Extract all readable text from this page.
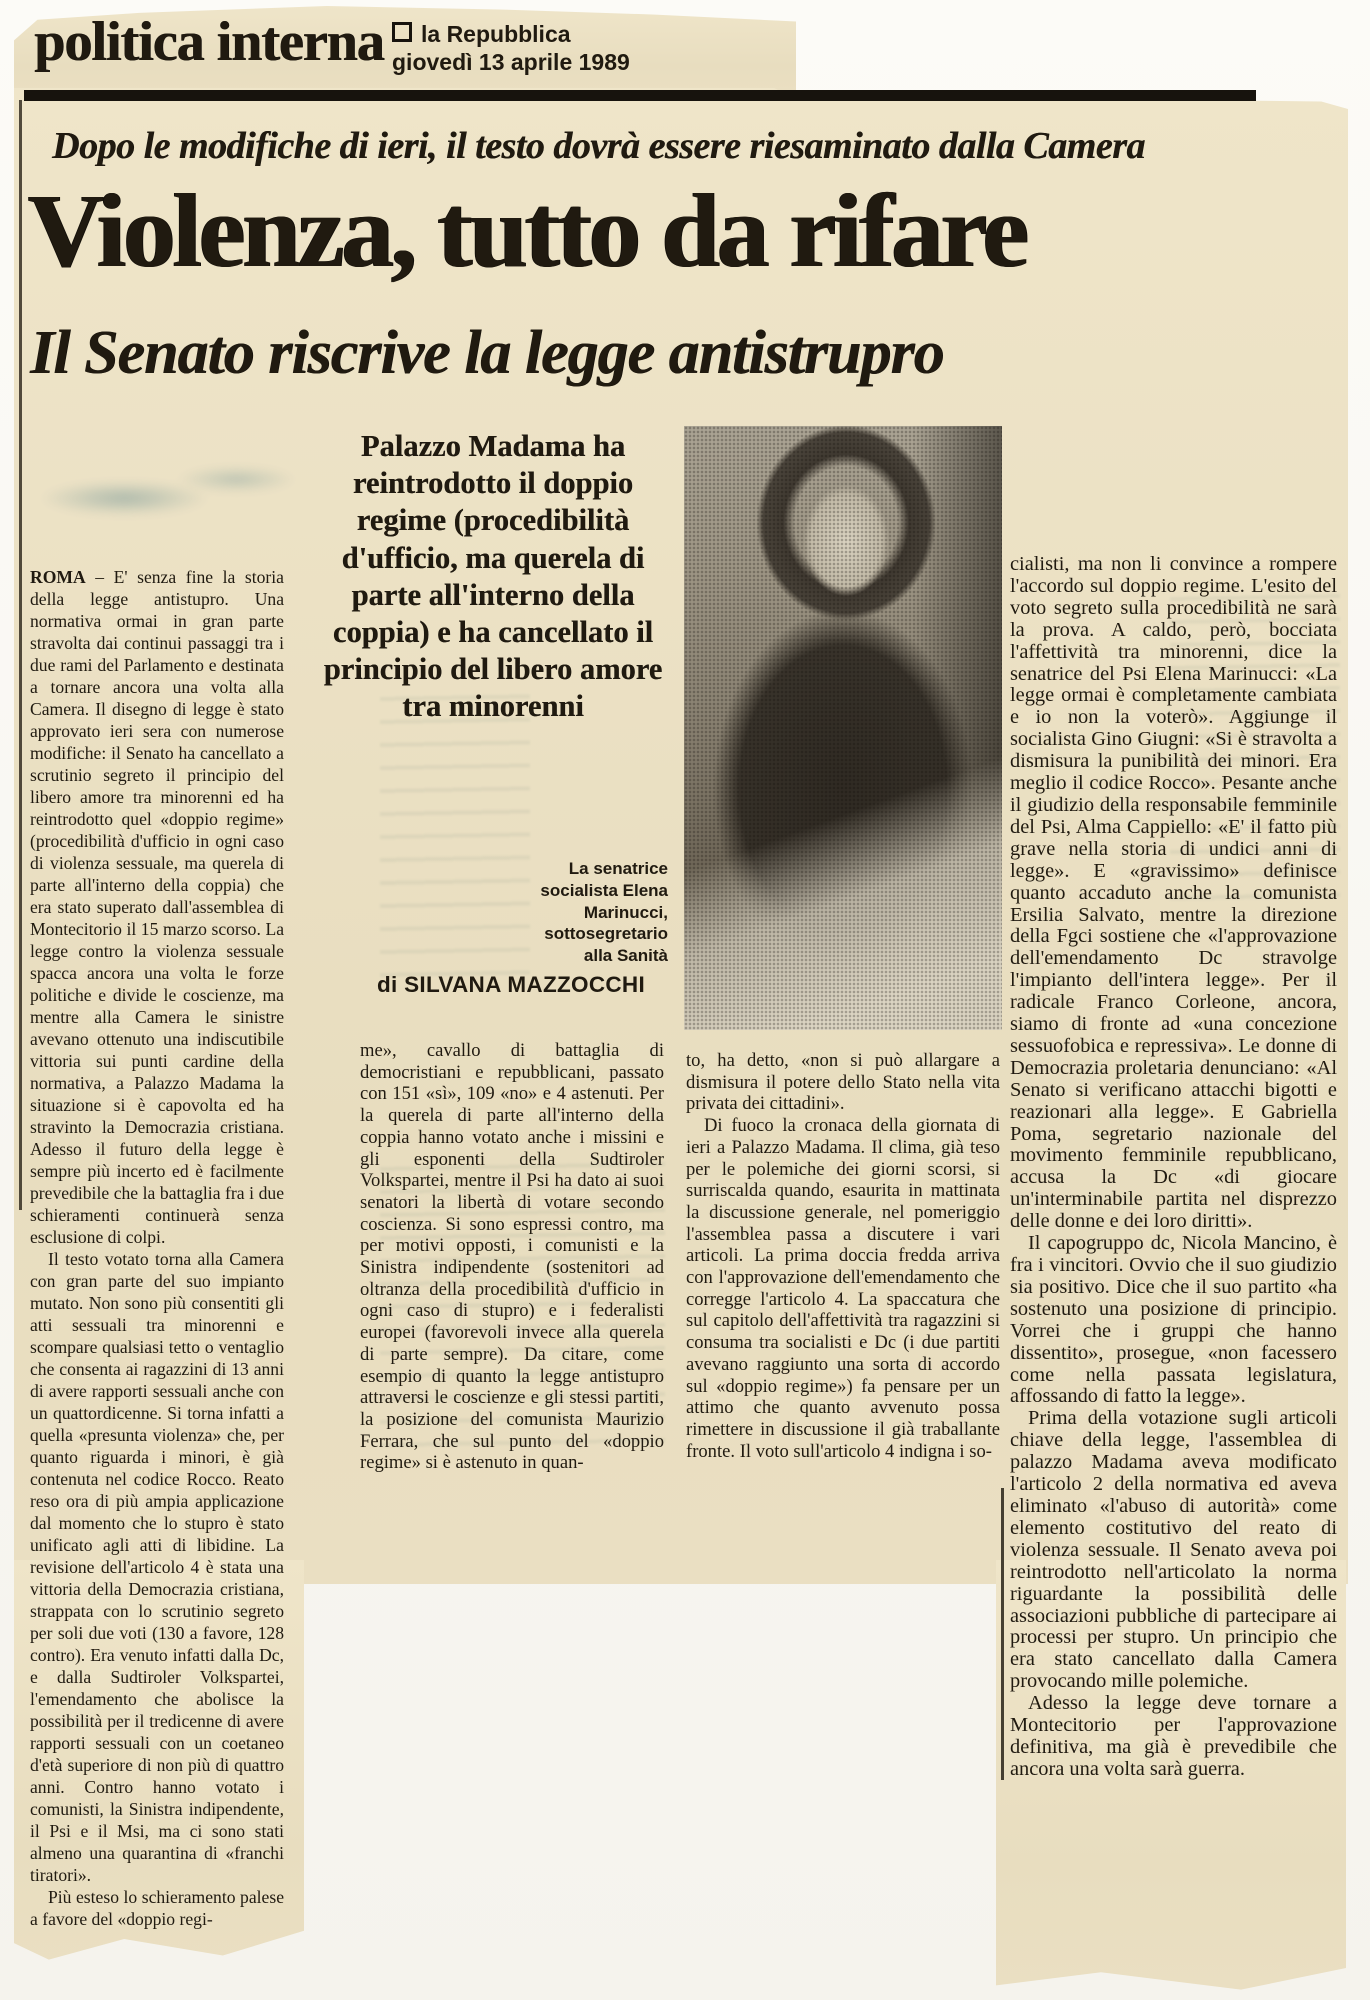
politica interna	la Repubblica
giovedì 13 aprile 1989
Dopo le modifiche di ieri, il testo dovrà essere riesaminato dalla Camera
Violenza, tutto da rifare
Il Senato riscrive la legge antistrupro
Palazzo Madama ha reintrodotto il doppio regime (procedibilità d'ufficio, ma querela di parte all'interno della coppia) e ha cancellato il principio del libero amore tra minorenni
La senatrice socialista Elena Marinucci, sottosegretario alla Sanità
di SILVANA MAZZOCCHI

ROMA – E' senza fine la storia della legge antistupro. Una normativa ormai in gran parte stravolta dai continui passaggi tra i due rami del Parlamento e destinata a tornare ancora una volta alla Camera. Il disegno di legge è stato approvato ieri sera con numerose modifiche: il Senato ha cancellato a scrutinio segreto il principio del libero amore tra minorenni ed ha reintrodotto quel «doppio regime» (procedibilità d'ufficio in ogni caso di violenza sessuale, ma querela di parte all'interno della coppia) che era stato superato dall'assemblea di Montecitorio il 15 marzo scorso. La legge contro la violenza sessuale spacca ancora una volta le forze politiche e divide le coscienze, ma mentre alla Camera le sinistre avevano ottenuto una indiscutibile vittoria sui punti cardine della normativa, a Palazzo Madama la situazione si è capovolta ed ha stravinto la Democrazia cristiana. Adesso il futuro della legge è sempre più incerto ed è facilmente prevedibile che la battaglia fra i due schieramenti continuerà senza esclusione di colpi.

Il testo votato torna alla Camera con gran parte del suo impianto mutato. Non sono più consentiti gli atti sessuali tra minorenni e scompare qualsiasi tetto o ventaglio che consenta ai ragazzini di 13 anni di avere rapporti sessuali anche con un quattordicenne. Si torna infatti a quella «presunta violenza» che, per quanto riguarda i minori, è già contenuta nel codice Rocco. Reato reso ora di più ampia applicazione dal momento che lo stupro è stato unificato agli atti di libidine. La revisione dell'articolo 4 è stata una vittoria della Democrazia cristiana, strappata con lo scrutinio segreto per soli due voti (130 a favore, 128 contro). Era venuto infatti dalla Dc, e dalla Sudtiroler Volkspartei, l'emendamento che abolisce la possibilità per il tredicenne di avere rapporti sessuali con un coetaneo d'età superiore di non più di quattro anni. Contro hanno votato i comunisti, la Sinistra indipendente, il Psi e il Msi, ma ci sono stati almeno una quarantina di «franchi tiratori».

Più esteso lo schieramento palese a favore del «doppio regi-

me», cavallo di battaglia di democristiani e repubblicani, passato con 151 «sì», 109 «no» e 4 astenuti. Per la querela di parte all'interno della coppia hanno votato anche i missini e gli esponenti della Sudtiroler Volkspartei, mentre il Psi ha dato ai suoi senatori la libertà di votare secondo coscienza. Si sono espressi contro, ma per motivi opposti, i comunisti e la Sinistra indipendente (sostenitori ad oltranza della procedibilità d'ufficio in ogni caso di stupro) e i federalisti europei (favorevoli invece alla querela di parte sempre). Da citare, come esempio di quanto la legge antistupro attraversi le coscienze e gli stessi partiti, la posizione del comunista Maurizio Ferrara, che sul punto del «doppio regime» si è astenuto in quan-

to, ha detto, «non si può allargare a dismisura il potere dello Stato nella vita privata dei cittadini».

Di fuoco la cronaca della giornata di ieri a Palazzo Madama. Il clima, già teso per le polemiche dei giorni scorsi, si surriscalda quando, esaurita in mattinata la discussione generale, nel pomeriggio l'assemblea passa a discutere i vari articoli. La prima doccia fredda arriva con l'approvazione dell'emendamento che corregge l'articolo 4. La spaccatura che sul capitolo dell'affettività tra ragazzini si consuma tra socialisti e Dc (i due partiti avevano raggiunto una sorta di accordo sul «doppio regime») fa pensare per un attimo che quanto avvenuto possa rimettere in discussione il già traballante fronte. Il voto sull'articolo 4 indigna i so-

cialisti, ma non li convince a rompere l'accordo sul doppio regime. L'esito del voto segreto sulla procedibilità ne sarà la prova. A caldo, però, bocciata l'affettività tra minorenni, dice la senatrice del Psi Elena Marinucci: «La legge ormai è completamente cambiata e io non la voterò». Aggiunge il socialista Gino Giugni: «Si è stravolta a dismisura la punibilità dei minori. Era meglio il codice Rocco». Pesante anche il giudizio della responsabile femminile del Psi, Alma Cappiello: «E' il fatto più grave nella storia di undici anni di legge». E «gravissimo» definisce quanto accaduto anche la comunista Ersilia Salvato, mentre la direzione della Fgci sostiene che «l'approvazione dell'emendamento Dc stravolge l'impianto dell'intera legge». Per il radicale Franco Corleone, ancora, siamo di fronte ad «una concezione sessuofobica e repressiva». Le donne di Democrazia proletaria denunciano: «Al Senato si verificano attacchi bigotti e reazionari alla legge». E Gabriella Poma, segretario nazionale del movimento femminile repubblicano, accusa la Dc «di giocare un'interminabile partita nel disprezzo delle donne e dei loro diritti».

Il capogruppo dc, Nicola Mancino, è fra i vincitori. Ovvio che il suo giudizio sia positivo. Dice che il suo partito «ha sostenuto una posizione di principio. Vorrei che i gruppi che hanno dissentito», prosegue, «non facessero come nella passata legislatura, affossando di fatto la legge».

Prima della votazione sugli articoli chiave della legge, l'assemblea di palazzo Madama aveva modificato l'articolo 2 della normativa ed aveva eliminato «l'abuso di autorità» come elemento costitutivo del reato di violenza sessuale. Il Senato aveva poi reintrodotto nell'articolato la norma riguardante la possibilità delle associazioni pubbliche di partecipare ai processi per stupro. Un principio che era stato cancellato dalla Camera provocando mille polemiche.

Adesso la legge deve tornare a Montecitorio per l'approvazione definitiva, ma già è prevedibile che ancora una volta sarà guerra.
